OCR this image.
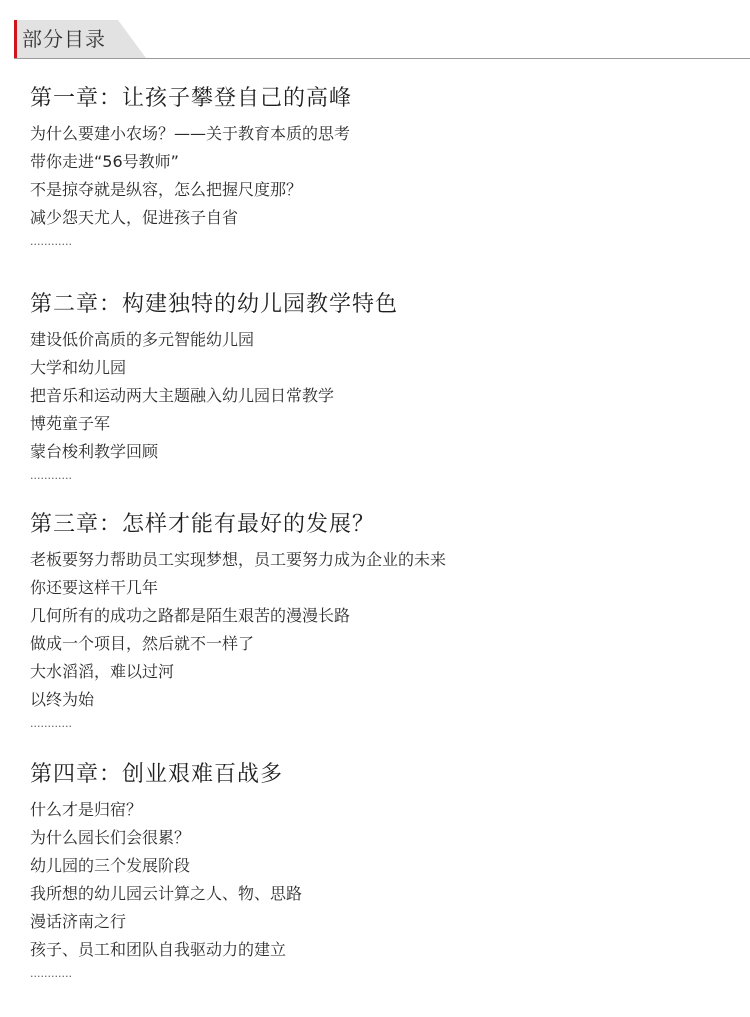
部分目录
第一章：让孩子攀登自己的高峰
为什么要建小农场？——关于教育本质的思考
带你走进“56号教师”
不是掠夺就是纵容，怎么把握尺度那？
减少怨天尤人，促进孩子自省
............
第二章：构建独特的幼儿园教学特色
建设低价高质的多元智能幼儿园
大学和幼儿园
把音乐和运动两大主题融入幼儿园日常教学
博苑童子军
蒙台梭利教学回顾
............
第三章：怎样才能有最好的发展？
老板要努力帮助员工实现梦想，员工要努力成为企业的未来
你还要这样干几年
几何所有的成功之路都是陌生艰苦的漫漫长路
做成一个项目，然后就不一样了
大水滔滔，难以过河
以终为始
............
第四章：创业艰难百战多
什么才是归宿？
为什么园长们会很累？
幼儿园的三个发展阶段
我所想的幼儿园云计算之人、物、思路
漫话济南之行
孩子、员工和团队自我驱动力的建立
............
